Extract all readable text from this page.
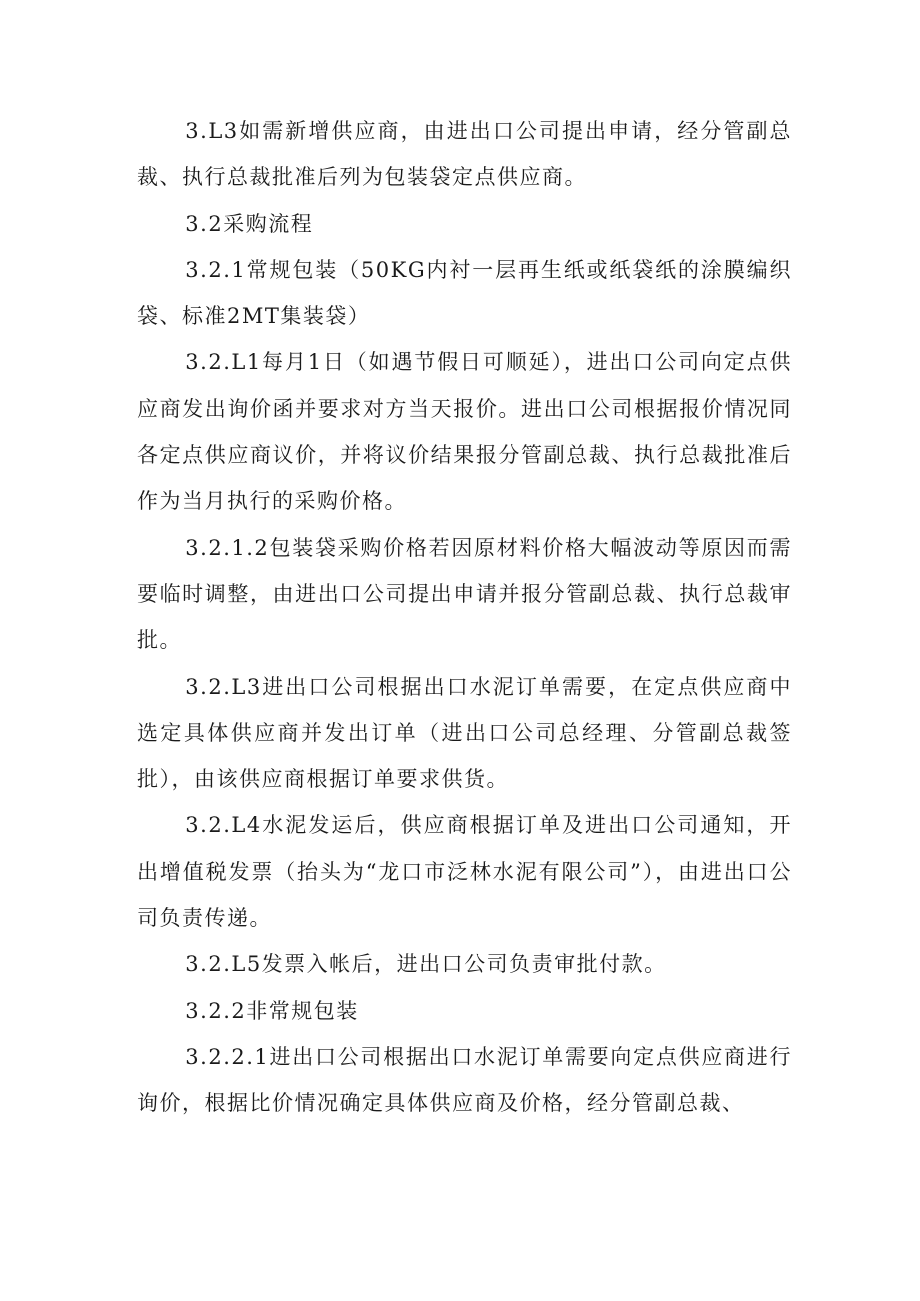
3.L3如需新增供应商，由进出口公司提出申请，经分管副总裁、执行总裁批准后列为包装袋定点供应商。

3.2采购流程

3.2.1常规包装（50KG内衬一层再生纸或纸袋纸的涂膜编织袋、标准2MT集装袋）

3.2.L1每月1日（如遇节假日可顺延），进出口公司向定点供应商发出询价函并要求对方当天报价。进出口公司根据报价情况同各定点供应商议价，并将议价结果报分管副总裁、执行总裁批准后作为当月执行的采购价格。

3.2.1.2包装袋采购价格若因原材料价格大幅波动等原因而需要临时调整，由进出口公司提出申请并报分管副总裁、执行总裁审批。

3.2.L3进出口公司根据出口水泥订单需要，在定点供应商中选定具体供应商并发出订单（进出口公司总经理、分管副总裁签批），由该供应商根据订单要求供货。

3.2.L4水泥发运后，供应商根据订单及进出口公司通知，开出增值税发票（抬头为“龙口市泛林水泥有限公司”），由进出口公司负责传递。

3.2.L5发票入帐后，进出口公司负责审批付款。

3.2.2非常规包装

3.2.2.1进出口公司根据出口水泥订单需要向定点供应商进行询价，根据比价情况确定具体供应商及价格，经分管副总裁、
